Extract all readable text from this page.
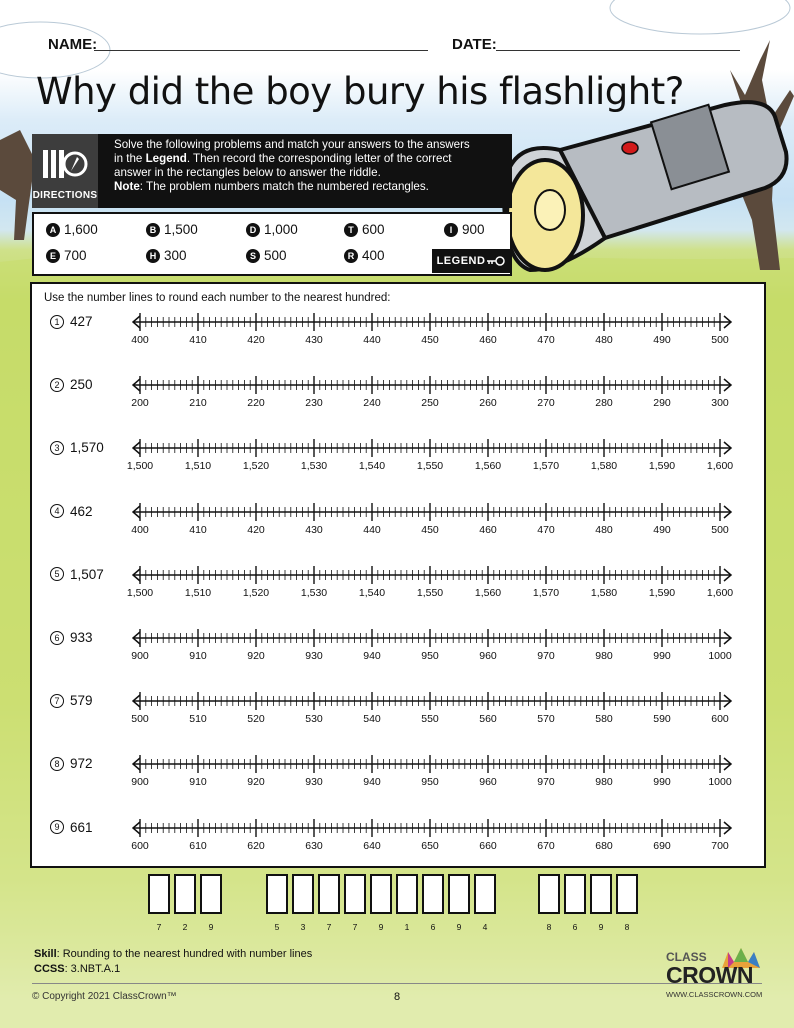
NAME:	DATE:
Why did the boy bury his flashlight?
DIRECTIONS
Solve the following problems and match your answers to the answers
in the Legend. Then record the corresponding letter of the correct
answer in the rectangles below to answer the riddle.
Note: The problem numbers match the numbered rectangles.
A 1,600	B 1,500	D 1,000	T 600	I 900
E 700	H 300	S 500	R 400	LEGEND
Use the number lines to round each number to the nearest hundred:
1 427
400	410	420	430	440	450	460	470	480	490	500
2 250
200	210	220	230	240	250	260	270	280	290	300
3 1,570
1,500	1,510	1,520	1,530	1,540	1,550	1,560	1,570	1,580	1,590	1,600
4 462
400	410	420	430	440	450	460	470	480	490	500
5 1,507
1,500	1,510	1,520	1,530	1,540	1,550	1,560	1,570	1,580	1,590	1,600
6 933
900	910	920	930	940	950	960	970	980	990	1000
7 579
500	510	520	530	540	550	560	570	580	590	600
8 972
900	910	920	930	940	950	960	970	980	990	1000
9 661
600	610	620	630	640	650	660	670	680	690	700
7	2	9	5	3	7	7	9	1	6	9	4	8	6	9	8
Skill: Rounding to the nearest hundred with number lines
CCSS: 3.NBT.A.1
© Copyright 2021 ClassCrown™	8
CLASS
CROWN
WWW.CLASSCROWN.COM
